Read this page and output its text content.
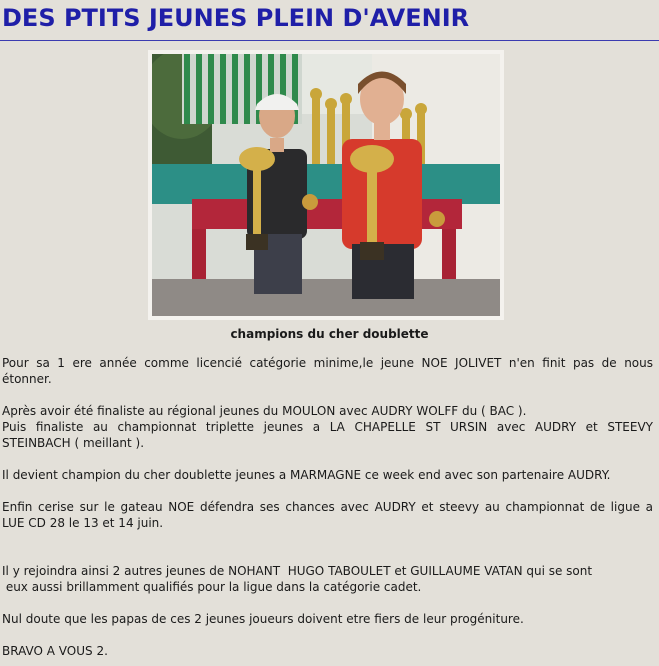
DES PTITS JEUNES PLEIN D'AVENIR
champions du cher doublette

Pour sa 1 ere année comme licencié catégorie minime,le jeune NOE JOLIVET n'en finit pas de nous
étonner.

Après avoir été finaliste au régional jeunes du MOULON avec AUDRY WOLFF du ( BAC ).
Puis finaliste au championnat triplette jeunes a LA CHAPELLE ST URSIN avec AUDRY et STEEVY
STEINBACH ( meillant ).

Il devient champion du cher doublette jeunes a MARMAGNE ce week end avec son partenaire AUDRY.

Enfin cerise sur le gateau NOE défendra ses chances avec AUDRY et steevy au championnat de ligue a
LUE CD 28 le 13 et 14 juin.

Il y rejoindra ainsi 2 autres jeunes de NOHANT  HUGO TABOULET et GUILLAUME VATAN qui se sont
eux aussi brillamment qualifiés pour la ligue dans la catégorie cadet.

Nul doute que les papas de ces 2 jeunes joueurs doivent etre fiers de leur progéniture.

BRAVO A VOUS 2.
